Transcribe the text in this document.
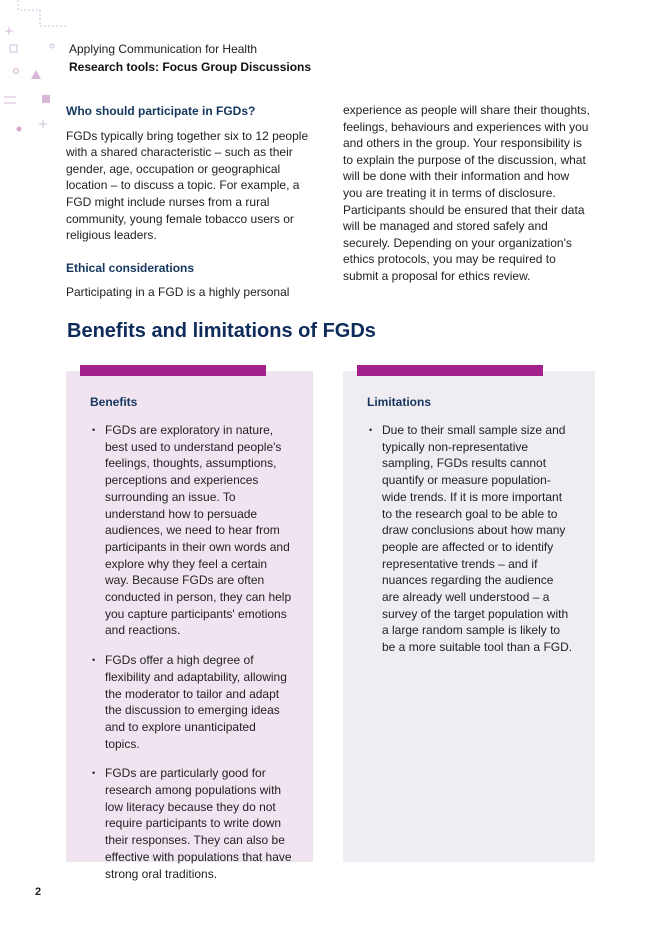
Applying Communication for Health
Research tools: Focus Group Discussions
Who should participate in FGDs?

FGDs typically bring together six to 12 people with a shared characteristic – such as their gender, age, occupation or geographical location – to discuss a topic. For example, a FGD might include nurses from a rural community, young female tobacco users or religious leaders.

Ethical considerations

Participating in a FGD is a highly personal

experience as people will share their thoughts, feelings, behaviours and experiences with you and others in the group. Your responsibility is to explain the purpose of the discussion, what will be done with their information and how you are treating it in terms of disclosure. Participants should be ensured that their data will be managed and stored safely and securely. Depending on your organization's ethics protocols, you may be required to submit a proposal for ethics review.

Benefits and limitations of FGDs
Benefits
• FGDs are exploratory in nature, best used to understand people's feelings, thoughts, assumptions, perceptions and experiences surrounding an issue. To understand how to persuade audiences, we need to hear from participants in their own words and explore why they feel a certain way. Because FGDs are often conducted in person, they can help you capture participants' emotions and reactions.
• FGDs offer a high degree of flexibility and adaptability, allowing the moderator to tailor and adapt the discussion to emerging ideas and to explore unanticipated topics.
• FGDs are particularly good for research among populations with low literacy because they do not require participants to write down their responses. They can also be effective with populations that have strong oral traditions.
Limitations
• Due to their small sample size and typically non-representative sampling, FGDs results cannot quantify or measure population-wide trends. If it is more important to the research goal to be able to draw conclusions about how many people are affected or to identify representative trends – and if nuances regarding the audience are already well understood – a survey of the target population with a large random sample is likely to be a more suitable tool than a FGD.
2
